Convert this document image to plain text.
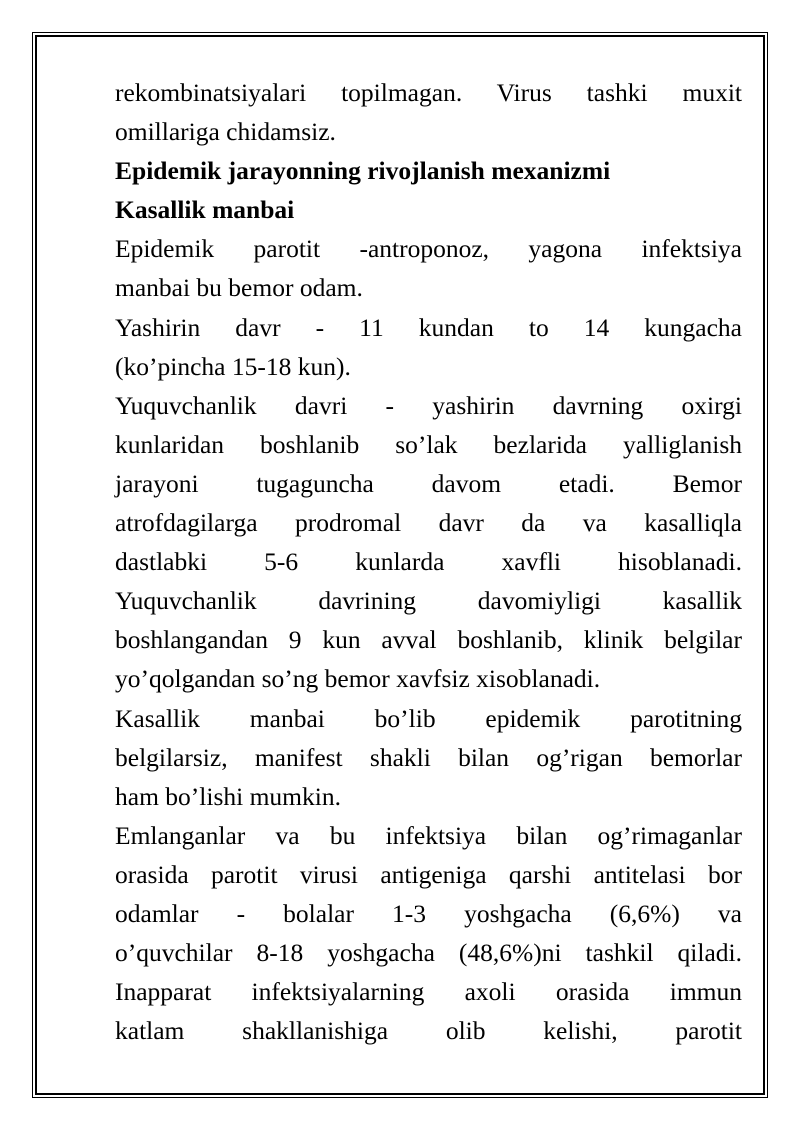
rekombinatsiyalari topilmagan. Virus tashki muxit
omillariga chidamsiz.
Epidemik jarayonning rivojlanish mexanizmi
Kasallik manbai
Epidemik parotit -antroponoz, yagona infektsiya
manbai bu bemor odam.
Yashirin davr - 11 kundan to 14 kungacha
(ko’pincha 15-18 kun).
Yuquvchanlik davri - yashirin davrning oxirgi
kunlaridan boshlanib so’lak bezlarida yalliglanish
jarayoni tugaguncha davom etadi. Bemor
atrofdagilarga prodromal davr da va kasalliqla
dastlabki 5-6 kunlarda xavfli hisoblanadi.
Yuquvchanlik davrining davomiyligi kasallik
boshlangandan 9 kun avval boshlanib, klinik belgilar
yo’qolgandan so’ng bemor xavfsiz xisoblanadi.
Kasallik manbai bo’lib epidemik parotitning
belgilarsiz, manifest shakli bilan og’rigan bemorlar
ham bo’lishi mumkin.
Emlanganlar va bu infektsiya bilan og’rimaganlar
orasida parotit virusi antigeniga qarshi antitelasi bor
odamlar - bolalar 1-3 yoshgacha (6,6%) va
o’quvchilar 8-18 yoshgacha (48,6%)ni tashkil qiladi.
Inapparat infektsiyalarning axoli orasida immun
katlam shakllanishiga olib kelishi, parotit
